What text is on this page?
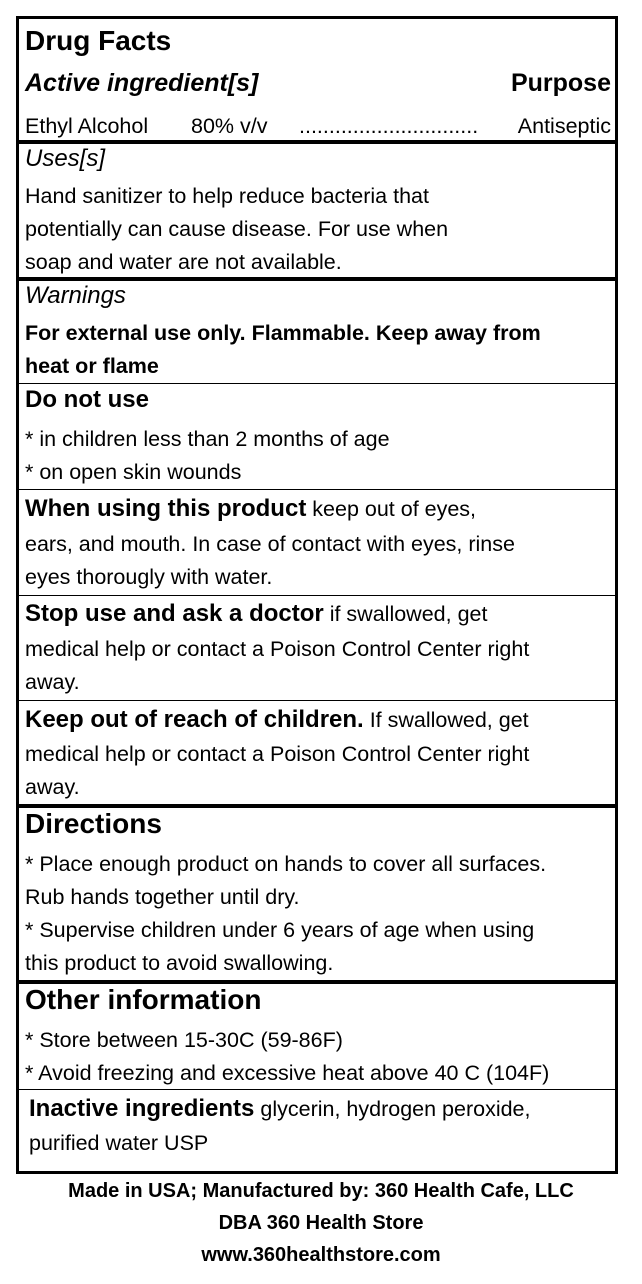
Drug Facts
Active ingredient[s]	Purpose
Ethyl Alcohol 80% v/v .............................. Antiseptic
Uses[s]
Hand sanitizer to help reduce bacteria that
potentially can cause disease. For use when
soap and water are not available.
Warnings
For external use only. Flammable. Keep away from
heat or flame
Do not use
* in children less than 2 months of age
* on open skin wounds
When using this product keep out of eyes,
ears, and mouth. In case of contact with eyes, rinse
eyes thorougly with water.
Stop use and ask a doctor if swallowed, get
medical help or contact a Poison Control Center right
away.
Keep out of reach of children. If swallowed, get
medical help or contact a Poison Control Center right
away.
Directions
* Place enough product on hands to cover all surfaces.
Rub hands together until dry.
* Supervise children under 6 years of age when using
this product to avoid swallowing.
Other information
* Store between 15-30C (59-86F)
* Avoid freezing and excessive heat above 40 C (104F)
Inactive ingredients glycerin, hydrogen peroxide,
purified water USP
Made in USA; Manufactured by: 360 Health Cafe, LLC
DBA 360 Health Store
www.360healthstore.com
